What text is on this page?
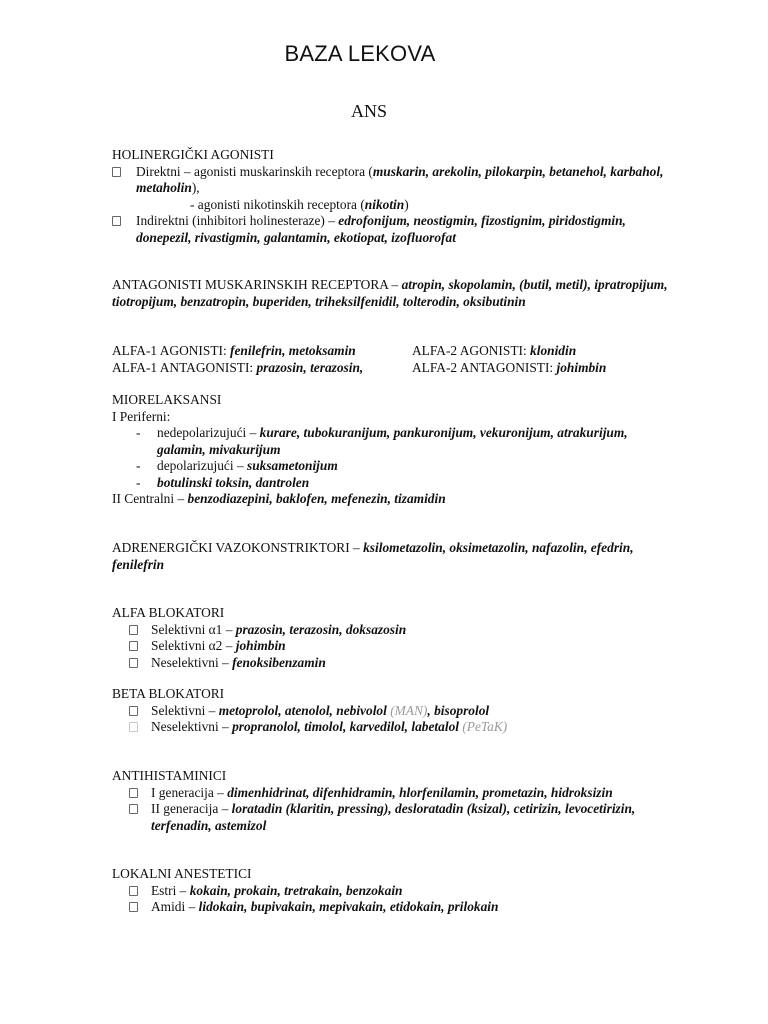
BAZA LEKOVA
ANS

HOLINERGIČKI AGONISTI

Direktni – agonisti muskarinskih receptora (muskarin, arekolin, pilokarpin, betanehol, karbahol, metaholin),
- agonisti nikotinskih receptora (nikotin)
Indirektni (inhibitori holinesteraze) – edrofonijum, neostigmin, fizostignim, piridostigmin, donepezil, rivastigmin, galantamin, ekotiopat, izofluorofat

ANTAGONISTI MUSKARINSKIH RECEPTORA – atropin, skopolamin, (butil, metil), ipratropijum, tiotropijum, benzatropin, buperiden, triheksilfenidil, tolterodin, oksibutinin

ALFA-1 AGONISTI: fenilefrin, metoksamin	ALFA-2 AGONISTI: klonidin
ALFA-1 ANTAGONISTI: prazosin, terazosin,	ALFA-2 ANTAGONISTI: johimbin

MIORELAKSANSI

I Periferni:

- nedepolarizujući – kurare, tubokuranijum, pankuronijum, vekuronijum, atrakurijum, galamin, mivakurijum
- depolarizujući – suksametonijum
- botulinski toksin, dantrolen

II Centralni – benzodiazepini, baklofen, mefenezin, tizamidin

ADRENERGIČKI VAZOKONSTRIKTORI – ksilometazolin, oksimetazolin, nafazolin, efedrin, fenilefrin

ALFA BLOKATORI

Selektivni α1 – prazosin, terazosin, doksazosin
Selektivni α2 – johimbin
Neselektivni – fenoksibenzamin

BETA BLOKATORI

Selektivni – metoprolol, atenolol, nebivolol (MAN), bisoprolol
Neselektivni – propranolol, timolol, karvedilol, labetalol (PeTaK)

ANTIHISTAMINICI

I generacija – dimenhidrinat, difenhidramin, hlorfenilamin, prometazin, hidroksizin
II generacija – loratadin (klaritin, pressing), desloratadin (ksizal), cetirizin, levocetirizin, terfenadin, astemizol

LOKALNI ANESTETICI

Estri – kokain, prokain, tretrakain, benzokain
Amidi – lidokain, bupivakain, mepivakain, etidokain, prilokain
